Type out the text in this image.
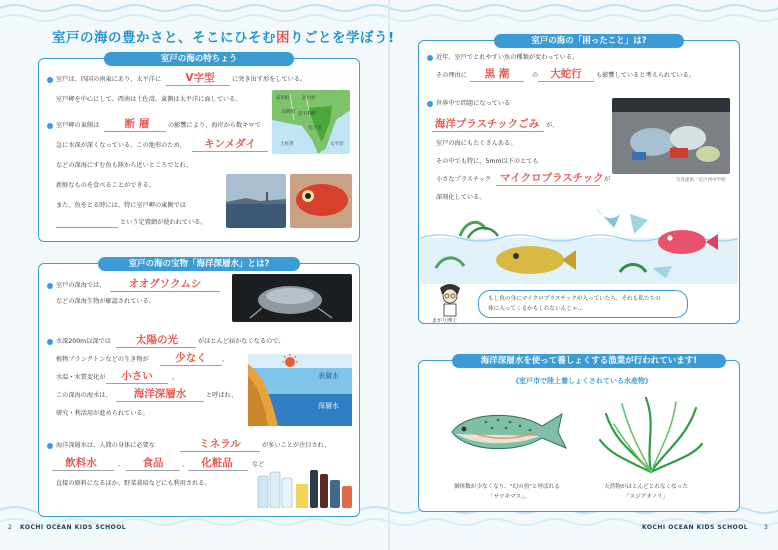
室戸の海の豊かさと、そこにひそむ困りごとを学ぼう!
室戸の海の特ちょう
室戸は、四国の南東にあり、太平洋に	V字型	に突き出す形をしている。
室戸岬を中心にして、西南は土佐湾、東側は太平洋に面している。	安田町	北川村
奈半利町
田野町
室戸市
土佐湾	太平洋
室戸岬の東側は	断 層	の影響により、海岸から数キロで
急に水深が深くなっている。この地形のため、	キンメダイ
などの深海にすむ魚も陸から近いところでとれ、
新鮮なものを食べることができる。
また、魚をとる時には、特に室戸岬の東側では
という定置網が使われている。
室戸の海の宝物「海洋深層水」とは?
室戸の深海では、	オオグソクムシ
などの深海生物が確認されている。
水深200m以深では	太陽の光	がほとんど届かなくなるので、
植物プランクトンなどの生き物が	少なく	、
水温・水質変化が	小さい	。
この深海の海水は、	海洋深層水	と呼ばれ、
研究・利活用が進められている。
表層水
深層水
海洋深層水は、人間の身体に必要な	ミネラル	が多いことが注目され、
飲料水	、	食品	、	化粧品	など
直接の原料になるほか、野菜栽培などにも利用される。
KOCHI OCEAN KIDS SCHOOL
2
室戸の海の「困ったこと」は?
近年、室戸でとれやすい魚の種類が変わっている。
その理由に	黒 潮	の	大蛇行	も影響していると考えられている。
世界中で問題になっている
海洋プラスチックごみ が、
室戸の海にもたくさんある。
その中でも特に、5mm以下のとても
小さなプラスチック マイクロプラスチック が
深刻化している。
写真提供／室戸西中学校
まがり博士
もし魚の身にマイクロプラスチックが入っていたら、それも私たちの
体に入ってくるかもしれないんじゃ…
海洋深層水を使って養しょくする漁業が行われています!
《室戸市で陸上養しょくされている水産物》
個体数が少なくなり、"幻の魚"と呼ばれる
「サツキマス」。
天然物がほとんどとれなくなった
「スジアオノリ」
KOCHI OCEAN KIDS SCHOOL	3
